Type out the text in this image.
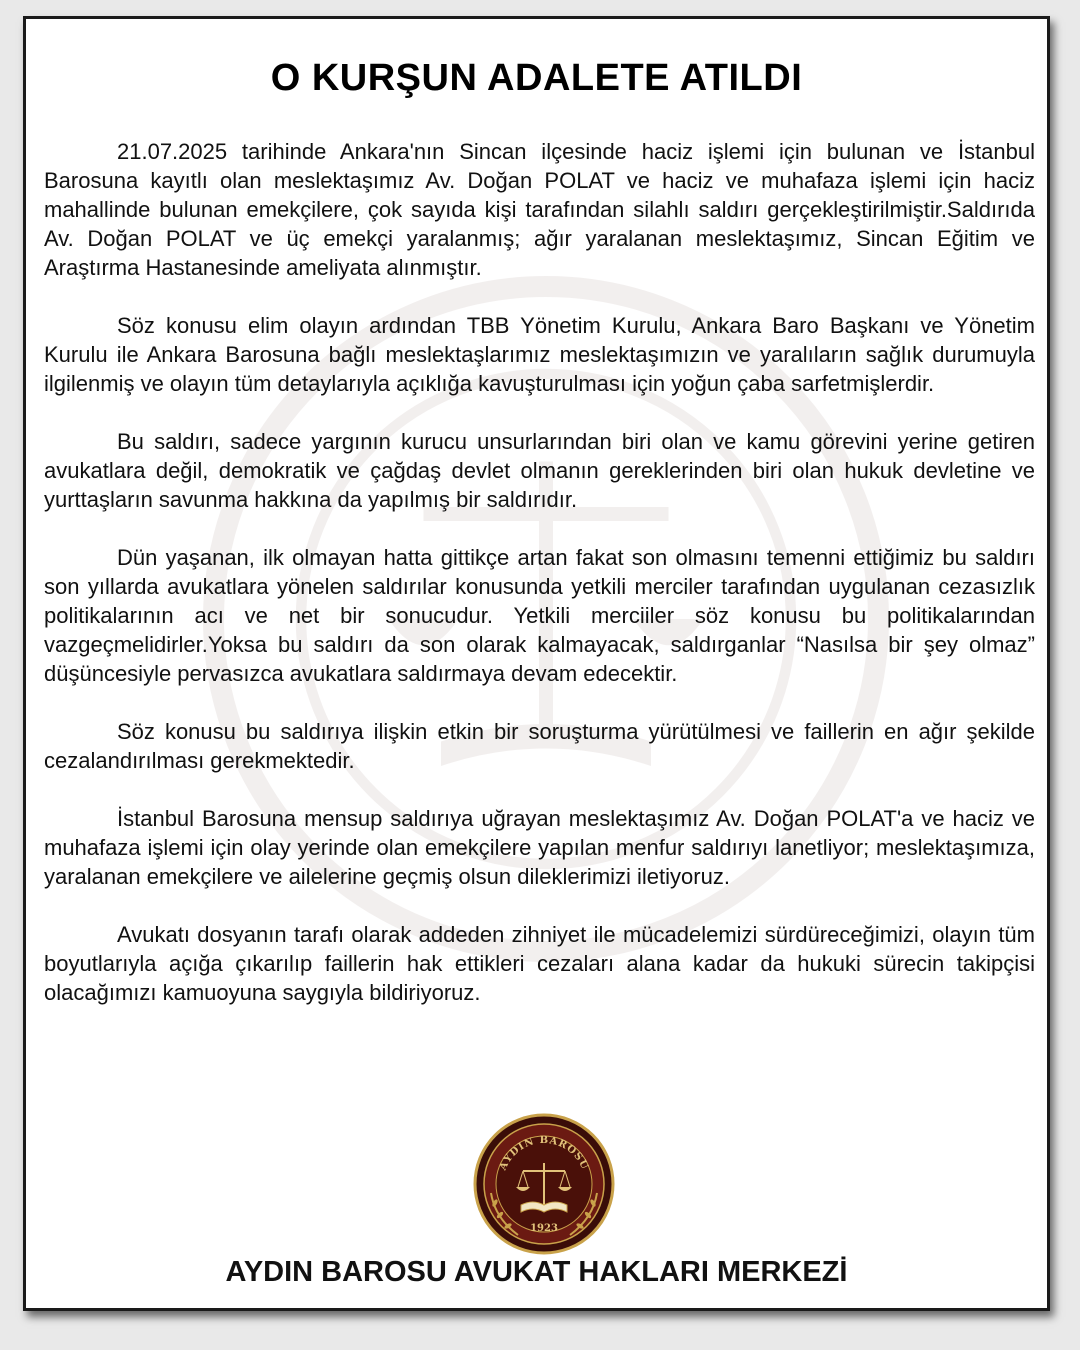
O KURŞUN ADALETE ATILDI

21.07.2025 tarihinde Ankara'nın Sincan ilçesinde haciz işlemi için bulunan ve İstanbul Barosuna kayıtlı olan meslektaşımız Av. Doğan POLAT ve haciz ve muhafaza işlemi için haciz mahallinde bulunan emekçilere, çok sayıda kişi tarafından silahlı saldırı gerçekleştirilmiştir.Saldırıda Av. Doğan POLAT ve üç emekçi yaralanmış; ağır yaralanan meslektaşımız, Sincan Eğitim ve Araştırma Hastanesinde ameliyata alınmıştır.

Söz konusu elim olayın ardından TBB Yönetim Kurulu, Ankara Baro Başkanı ve Yönetim Kurulu ile Ankara Barosuna bağlı meslektaşlarımız meslektaşımızın ve yaralıların sağlık durumuyla ilgilenmiş ve olayın tüm detaylarıyla açıklığa kavuşturulması için yoğun çaba sarfetmişlerdir.

Bu saldırı, sadece yargının kurucu unsurlarından biri olan ve kamu görevini yerine getiren avukatlara değil, demokratik ve çağdaş devlet olmanın gereklerinden biri olan hukuk devletine ve yurttaşların savunma hakkına da yapılmış bir saldırıdır.

Dün yaşanan, ilk olmayan hatta gittikçe artan fakat son olmasını temenni ettiğimiz bu saldırı son yıllarda avukatlara yönelen saldırılar konusunda yetkili merciler tarafından uygulanan cezasızlık politikalarının acı ve net bir sonucudur. Yetkili merciiler söz konusu bu politikalarından vazgeçmelidirler.Yoksa bu saldırı da son olarak kalmayacak, saldırganlar “Nasılsa bir şey olmaz” düşüncesiyle pervasızca avukatlara saldırmaya devam edecektir.

Söz konusu bu saldırıya ilişkin etkin bir soruşturma yürütülmesi ve faillerin en ağır şekilde cezalandırılması gerekmektedir.

İstanbul Barosuna mensup saldırıya uğrayan meslektaşımız Av. Doğan POLAT'a ve haciz ve muhafaza işlemi için olay yerinde olan emekçilere yapılan menfur saldırıyı lanetliyor; meslektaşımıza, yaralanan emekçilere ve ailelerine geçmiş olsun dileklerimizi iletiyoruz.

Avukatı dosyanın tarafı olarak addeden zihniyet ile mücadelemizi sürdüreceğimizi, olayın tüm boyutlarıyla açığa çıkarılıp faillerin hak ettikleri cezaları alana kadar da hukuki sürecin takipçisi olacağımızı kamuoyuna saygıyla bildiriyoruz.

AYDIN BAROSU
1923
AYDIN BAROSU AVUKAT HAKLARI MERKEZİ
